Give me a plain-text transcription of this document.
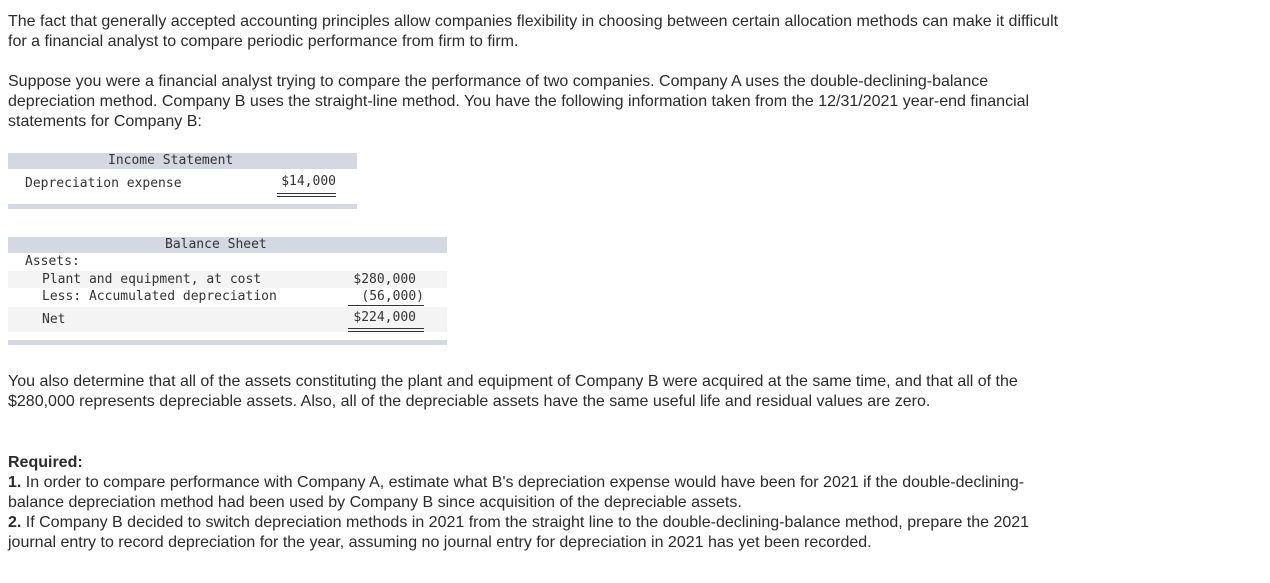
The fact that generally accepted accounting principles allow companies flexibility in choosing between certain allocation methods can make it difficult for a financial analyst to compare periodic performance from firm to firm.

Suppose you were a financial analyst trying to compare the performance of two companies. Company A uses the double-declining-balance depreciation method. Company B uses the straight-line method. You have the following information taken from the 12/31/2021 year-end financial statements for Company B:

Income Statement
Depreciation expense	$14,000
Balance Sheet
Assets:
Plant and equipment, at cost	$280,000
Less: Accumulated depreciation	(56,000)
Net	$224,000

You also determine that all of the assets constituting the plant and equipment of Company B were acquired at the same time, and that all of the $280,000 represents depreciable assets. Also, all of the depreciable assets have the same useful life and residual values are zero.

Required:
1. In order to compare performance with Company A, estimate what B's depreciation expense would have been for 2021 if the double-declining-balance depreciation method had been used by Company B since acquisition of the depreciable assets.
2. If Company B decided to switch depreciation methods in 2021 from the straight line to the double-declining-balance method, prepare the 2021 journal entry to record depreciation for the year, assuming no journal entry for depreciation in 2021 has yet been recorded.
